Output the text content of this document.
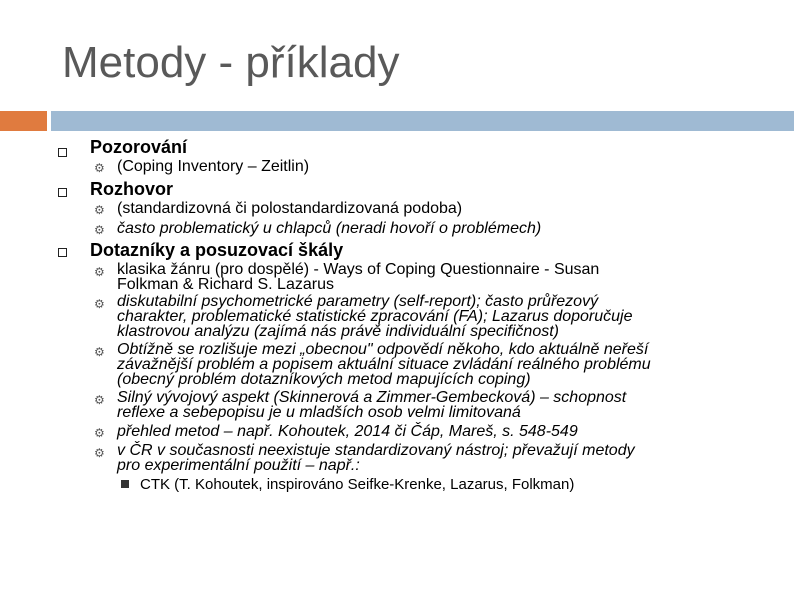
Metody - příklady
Pozorování
⚙ (Coping Inventory – Zeitlin)
Rozhovor
⚙ (standardizovná či polostandardizovaná podoba)
⚙ často problematický u chlapců (neradi hovoří o problémech)
Dotazníky a posuzovací škály
⚙ klasika žánru (pro dospělé) - Ways of Coping Questionnaire - Susan
Folkman & Richard S. Lazarus
⚙ diskutabilní psychometrické parametry (self-report); často průřezový
charakter, problematické statistické zpracování (FA); Lazarus doporučuje
klastrovou analýzu (zajímá nás právě individuální specifičnost)
⚙ Obtížně se rozlišuje mezi „obecnou" odpovědí někoho, kdo aktuálně neřeší
závažnější problém a popisem aktuální situace zvládání reálného problému
(obecný problém dotazníkových metod mapujících coping)
⚙ Silný vývojový aspekt (Skinnerová a Zimmer-Gembecková) – schopnost
reflexe a sebepopisu je u mladších osob velmi limitovaná
⚙ přehled metod – např. Kohoutek, 2014 či Čáp, Mareš, s. 548-549
⚙ v ČR v současnosti neexistuje standardizovaný nástroj; převažují metody
pro experimentální použití – např.:
CTK (T. Kohoutek, inspirováno Seifke-Krenke, Lazarus, Folkman)
